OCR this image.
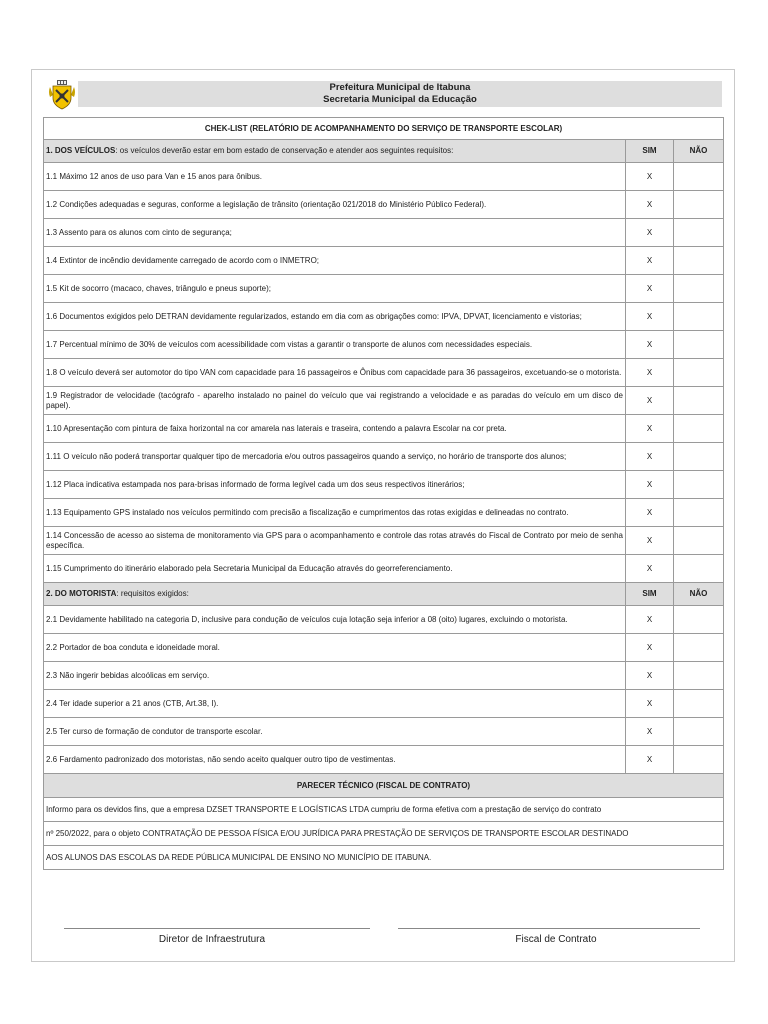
Prefeitura Municipal de Itabuna
Secretaria Municipal da Educação
CHEK-LIST (RELATÓRIO DE ACOMPANHAMENTO DO SERVIÇO DE TRANSPORTE ESCOLAR)		
1. DOS VEÍCULOS: os veículos deverão estar em bom estado de conservação e atender aos seguintes requisitos:	SIM	NÃO
1.1 Máximo 12 anos de uso para Van e 15 anos para ônibus.	X	
1.2 Condições adequadas e seguras, conforme a legislação de trânsito (orientação 021/2018 do Ministério Público Federal).	X	
1.3 Assento para os alunos com cinto de segurança;	X	
1.4 Extintor de incêndio devidamente carregado de acordo com o INMETRO;	X	
1.5 Kit de socorro (macaco, chaves, triângulo e pneus suporte);	X	
1.6 Documentos exigidos pelo DETRAN devidamente regularizados, estando em dia com as obrigações como: IPVA, DPVAT, licenciamento e vistorias;	X	
1.7 Percentual mínimo de 30% de veículos com acessibilidade com vistas a garantir o transporte de alunos com necessidades especiais.	X	
1.8 O veículo deverá ser automotor do tipo VAN com capacidade para 16 passageiros e Ônibus com capacidade para 36 passageiros, excetuando-se o motorista.	X	
1.9 Registrador de velocidade (tacógrafo - aparelho instalado no painel do veículo que vai registrando a velocidade e as paradas do veículo em um disco de papel).	X	
1.10 Apresentação com pintura de faixa horizontal na cor amarela nas laterais e traseira, contendo a palavra Escolar na cor preta.	X	
1.11 O veículo não poderá transportar qualquer tipo de mercadoria e/ou outros passageiros quando a serviço, no horário de transporte dos alunos;	X	
1.12 Placa indicativa estampada nos para-brisas informado de forma legível cada um dos seus respectivos itinerários;	X	
1.13 Equipamento GPS instalado nos veículos permitindo com precisão a fiscalização e cumprimentos das rotas exigidas e delineadas no contrato.	X	
1.14 Concessão de acesso ao sistema de monitoramento via GPS para o acompanhamento e controle das rotas através do Fiscal de Contrato por meio de senha específica.	X	
1.15 Cumprimento do itinerário elaborado pela Secretaria Municipal da Educação através do georreferenciamento.	X	
2. DO MOTORISTA: requisitos exigidos:	SIM	NÃO
2.1 Devidamente habilitado na categoria D, inclusive para condução de veículos cuja lotação seja inferior a 08 (oito) lugares, excluindo o motorista.	X	
2.2 Portador de boa conduta e idoneidade moral.	X	
2.3 Não ingerir bebidas alcoólicas em serviço.	X	
2.4 Ter idade superior a 21 anos (CTB, Art.38, I).	X	
2.5 Ter curso de formação de condutor de transporte escolar.	X	
2.6 Fardamento padronizado dos motoristas, não sendo aceito qualquer outro tipo de vestimentas.	X	
PARECER TÉCNICO (FISCAL DE CONTRATO)		
Informo para os devidos fins, que a empresa DZSET TRANSPORTE E LOGÍSTICAS LTDA cumpriu de forma efetiva com a prestação de serviço do contrato		
nº 250/2022, para o objeto CONTRATAÇÃO DE PESSOA FÍSICA E/OU JURÍDICA PARA PRESTAÇÃO DE SERVIÇOS DE TRANSPORTE ESCOLAR DESTINADO		
AOS ALUNOS DAS ESCOLAS DA REDE PÚBLICA MUNICIPAL DE ENSINO NO MUNICÍPIO DE ITABUNA.		
Diretor de Infraestrutura	Fiscal de Contrato
